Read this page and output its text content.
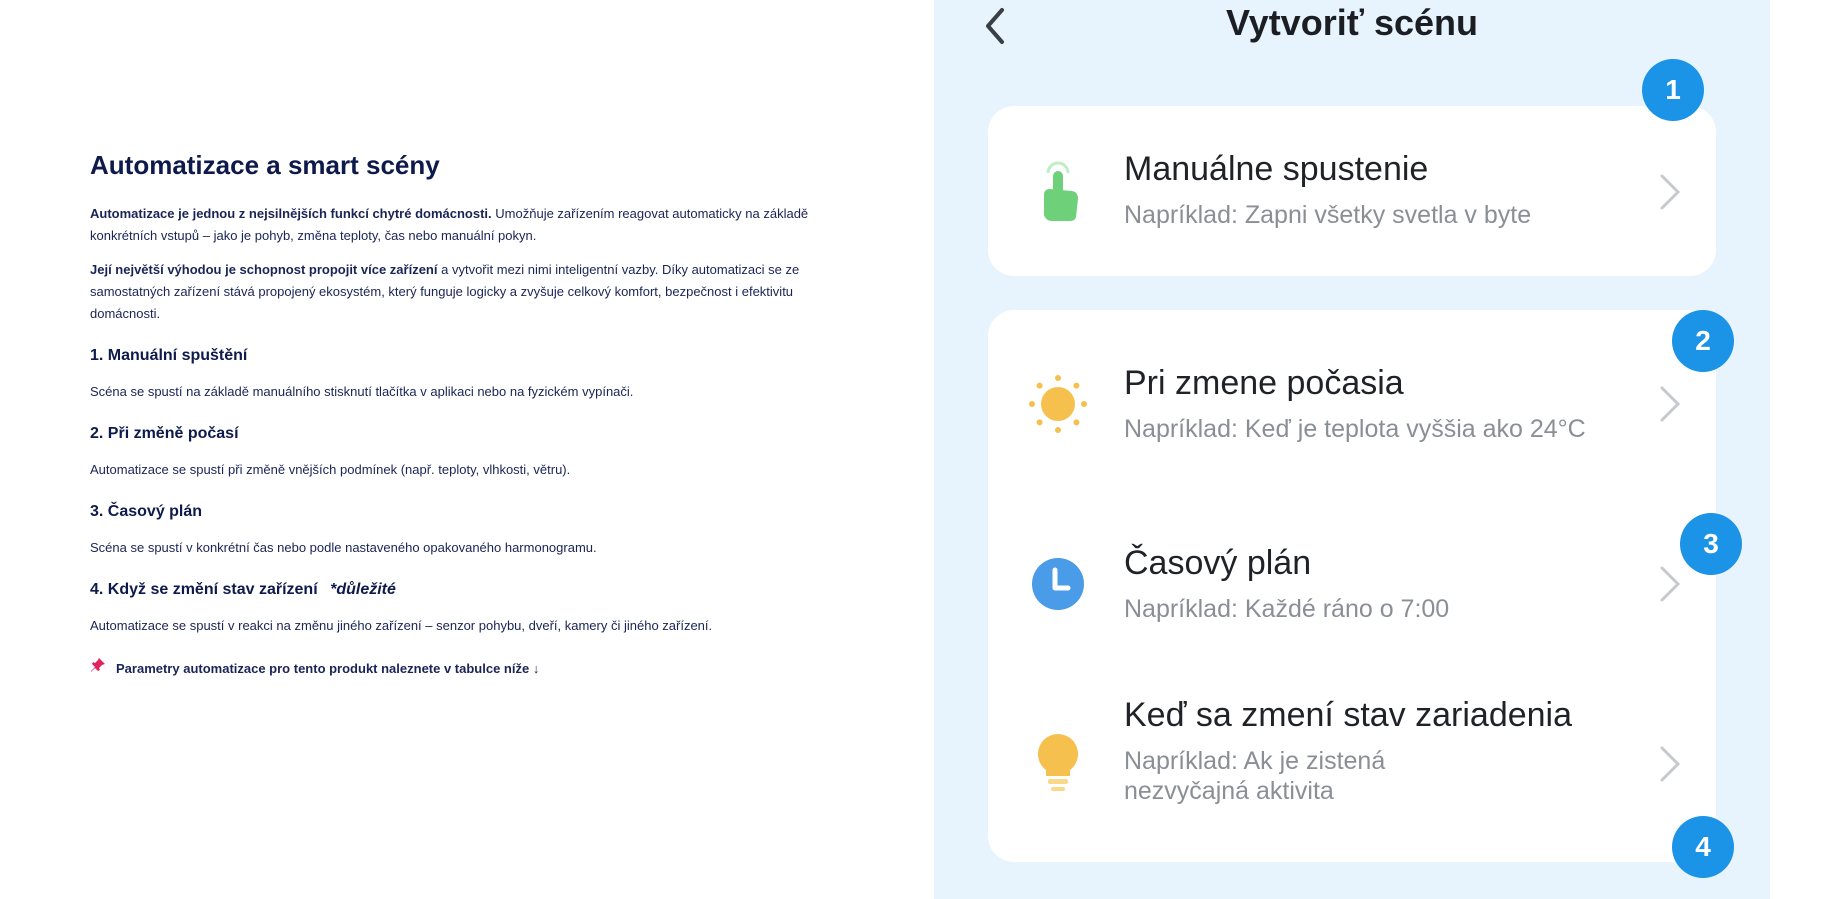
Automatizace a smart scény

Automatizace je jednou z nejsilnějších funkcí chytré domácnosti. Umožňuje zařízením reagovat automaticky na základě konkrétních vstupů – jako je pohyb, změna teploty, čas nebo manuální pokyn.

Její největší výhodou je schopnost propojit více zařízení a vytvořit mezi nimi inteligentní vazby. Díky automatizaci se ze samostatných zařízení stává propojený ekosystém, který funguje logicky a zvyšuje celkový komfort, bezpečnost i efektivitu domácnosti.

1. Manuální spuštění

Scéna se spustí na základě manuálního stisknutí tlačítka v aplikaci nebo na fyzickém vypínači.

2. Při změně počasí

Automatizace se spustí při změně vnějších podmínek (např. teploty, vlhkosti, větru).

3. Časový plán

Scéna se spustí v konkrétní čas nebo podle nastaveného opakovaného harmonogramu.

4. Když se změní stav zařízení *důležité

Automatizace se spustí v reakci na změnu jiného zařízení – senzor pohybu, dveří, kamery či jiného zařízení.

Parametry automatizace pro tento produkt naleznete v tabulce níže ↓

Vytvoriť scénu
Manuálne spustenie
Napríklad: Zapni všetky svetla v byte
Pri zmene počasia
Napríklad: Keď je teplota vyššia ako 24°C
Časový plán
Napríklad: Každé ráno o 7:00
Keď sa zmení stav zariadenia
Napríklad: Ak je zistená nezvyčajná aktivita
1
2
3
4
